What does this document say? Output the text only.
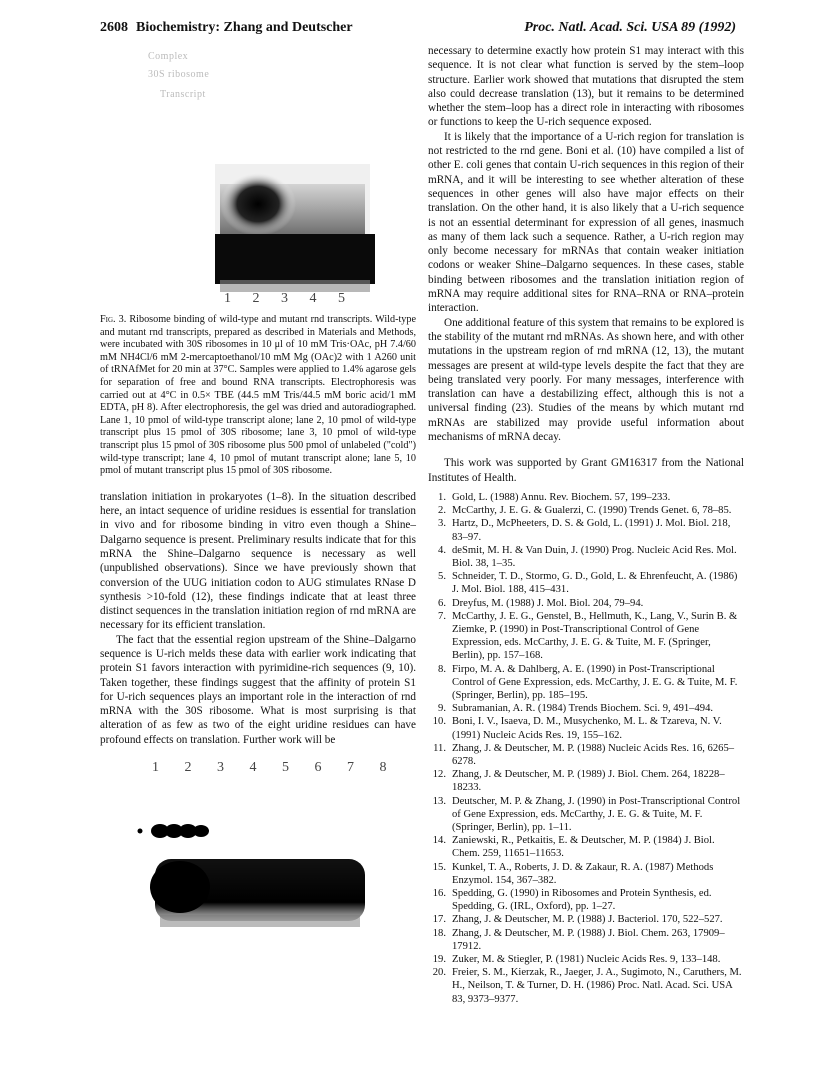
2608 Biochemistry: Zhang and Deutscher	Proc. Natl. Acad. Sci. USA 89 (1992)
Complex
30S ribosome
Transcript
1 2 3 4 5

Fig. 3. Ribosome binding of wild-type and mutant rnd transcripts. Wild-type and mutant rnd transcripts, prepared as described in Materials and Methods, were incubated with 30S ribosomes in 10 μl of 10 mM Tris·OAc, pH 7.4/60 mM NH4Cl/6 mM 2-mercaptoethanol/10 mM Mg (OAc)2 with 1 A260 unit of tRNAfMet for 20 min at 37°C. Samples were applied to 1.4% agarose gels for separation of free and bound RNA transcripts. Electrophoresis was carried out at 4°C in 0.5× TBE (44.5 mM Tris/44.5 mM boric acid/1 mM EDTA, pH 8). After electrophoresis, the gel was dried and autoradiographed. Lane 1, 10 pmol of wild-type transcript alone; lane 2, 10 pmol of wild-type transcript plus 15 pmol of 30S ribosome; lane 3, 10 pmol of wild-type transcript plus 15 pmol of 30S ribosome plus 500 pmol of unlabeled ("cold") wild-type transcript; lane 4, 10 pmol of mutant transcript alone; lane 5, 10 pmol of mutant transcript plus 15 pmol of 30S ribosome.

translation initiation in prokaryotes (1–8). In the situation described here, an intact sequence of uridine residues is essential for translation in vivo and for ribosome binding in vitro even though a Shine–Dalgarno sequence is present. Preliminary results indicate that for this mRNA the Shine–Dalgarno sequence is necessary as well (unpublished observations). Since we have previously shown that conversion of the UUG initiation codon to AUG stimulates RNase D synthesis >10-fold (12), these findings indicate that at least three distinct sequences in the translation initiation region of rnd mRNA are necessary for its efficient translation.

The fact that the essential region upstream of the Shine–Dalgarno sequence is U-rich melds these data with earlier work indicating that protein S1 favors interaction with pyrimidine-rich sequences (9, 10). Taken together, these findings suggest that the affinity of protein S1 for U-rich sequences plays an important role in the interaction of rnd mRNA with the 30S ribosome. What is most surprising is that alteration of as few as two of the eight uridine residues can have profound effects on translation. Further work will be

1 2 3 4 5 6 7 8

necessary to determine exactly how protein S1 may interact with this sequence. It is not clear what function is served by the stem–loop structure. Earlier work showed that mutations that disrupted the stem also could decrease translation (13), but it remains to be determined whether the stem–loop has a direct role in interacting with ribosomes or functions to keep the U-rich sequence exposed.

It is likely that the importance of a U-rich region for translation is not restricted to the rnd gene. Boni et al. (10) have compiled a list of other E. coli genes that contain U-rich sequences in this region of their mRNA, and it will be interesting to see whether alteration of these sequences in other genes will also have major effects on their translation. On the other hand, it is also likely that a U-rich sequence is not an essential determinant for expression of all genes, inasmuch as many of them lack such a sequence. Rather, a U-rich region may only become necessary for mRNAs that contain weaker initiation codons or weaker Shine–Dalgarno sequences. In these cases, stable binding between ribosomes and the translation initiation region of mRNA may require additional sites for RNA–RNA or RNA–protein interaction.

One additional feature of this system that remains to be explored is the stability of the mutant rnd mRNAs. As shown here, and with other mutations in the upstream region of rnd mRNA (12, 13), the mutant messages are present at wild-type levels despite the fact that they are being translated very poorly. For many messages, interference with translation can have a destabilizing effect, although this is not a universal finding (23). Studies of the means by which mutant rnd mRNAs are stabilized may provide useful information about mechanisms of mRNA decay.

This work was supported by Grant GM16317 from the National Institutes of Health.

1. Gold, L. (1988) Annu. Rev. Biochem. 57, 199–233.
2. McCarthy, J. E. G. & Gualerzi, C. (1990) Trends Genet. 6, 78–85.
3. Hartz, D., McPheeters, D. S. & Gold, L. (1991) J. Mol. Biol. 218, 83–97.
4. deSmit, M. H. & Van Duin, J. (1990) Prog. Nucleic Acid Res. Mol. Biol. 38, 1–35.
5. Schneider, T. D., Stormo, G. D., Gold, L. & Ehrenfeucht, A. (1986) J. Mol. Biol. 188, 415–431.
6. Dreyfus, M. (1988) J. Mol. Biol. 204, 79–94.
7. McCarthy, J. E. G., Genstel, B., Hellmuth, K., Lang, V., Surin B. & Ziemke, P. (1990) in Post-Transcriptional Control of Gene Expression, eds. McCarthy, J. E. G. & Tuite, M. F. (Springer, Berlin), pp. 157–168.
8. Firpo, M. A. & Dahlberg, A. E. (1990) in Post-Transcriptional Control of Gene Expression, eds. McCarthy, J. E. G. & Tuite, M. F. (Springer, Berlin), pp. 185–195.
9. Subramanian, A. R. (1984) Trends Biochem. Sci. 9, 491–494.
10. Boni, I. V., Isaeva, D. M., Musychenko, M. L. & Tzareva, N. V. (1991) Nucleic Acids Res. 19, 155–162.
11. Zhang, J. & Deutscher, M. P. (1988) Nucleic Acids Res. 16, 6265–6278.
12. Zhang, J. & Deutscher, M. P. (1989) J. Biol. Chem. 264, 18228–18233.
13. Deutscher, M. P. & Zhang, J. (1990) in Post-Transcriptional Control of Gene Expression, eds. McCarthy, J. E. G. & Tuite, M. F. (Springer, Berlin), pp. 1–11.
14. Zaniewski, R., Petkaitis, E. & Deutscher, M. P. (1984) J. Biol. Chem. 259, 11651–11653.
15. Kunkel, T. A., Roberts, J. D. & Zakaur, R. A. (1987) Methods Enzymol. 154, 367–382.
16. Spedding, G. (1990) in Ribosomes and Protein Synthesis, ed. Spedding, G. (IRL, Oxford), pp. 1–27.
17. Zhang, J. & Deutscher, M. P. (1988) J. Bacteriol. 170, 522–527.
18. Zhang, J. & Deutscher, M. P. (1988) J. Biol. Chem. 263, 17909–17912.
19. Zuker, M. & Stiegler, P. (1981) Nucleic Acids Res. 9, 133–148.
20. Freier, S. M., Kierzak, R., Jaeger, J. A., Sugimoto, N., Caruthers, M. H., Neilson, T. & Turner, D. H. (1986) Proc. Natl. Acad. Sci. USA 83, 9373–9377.
